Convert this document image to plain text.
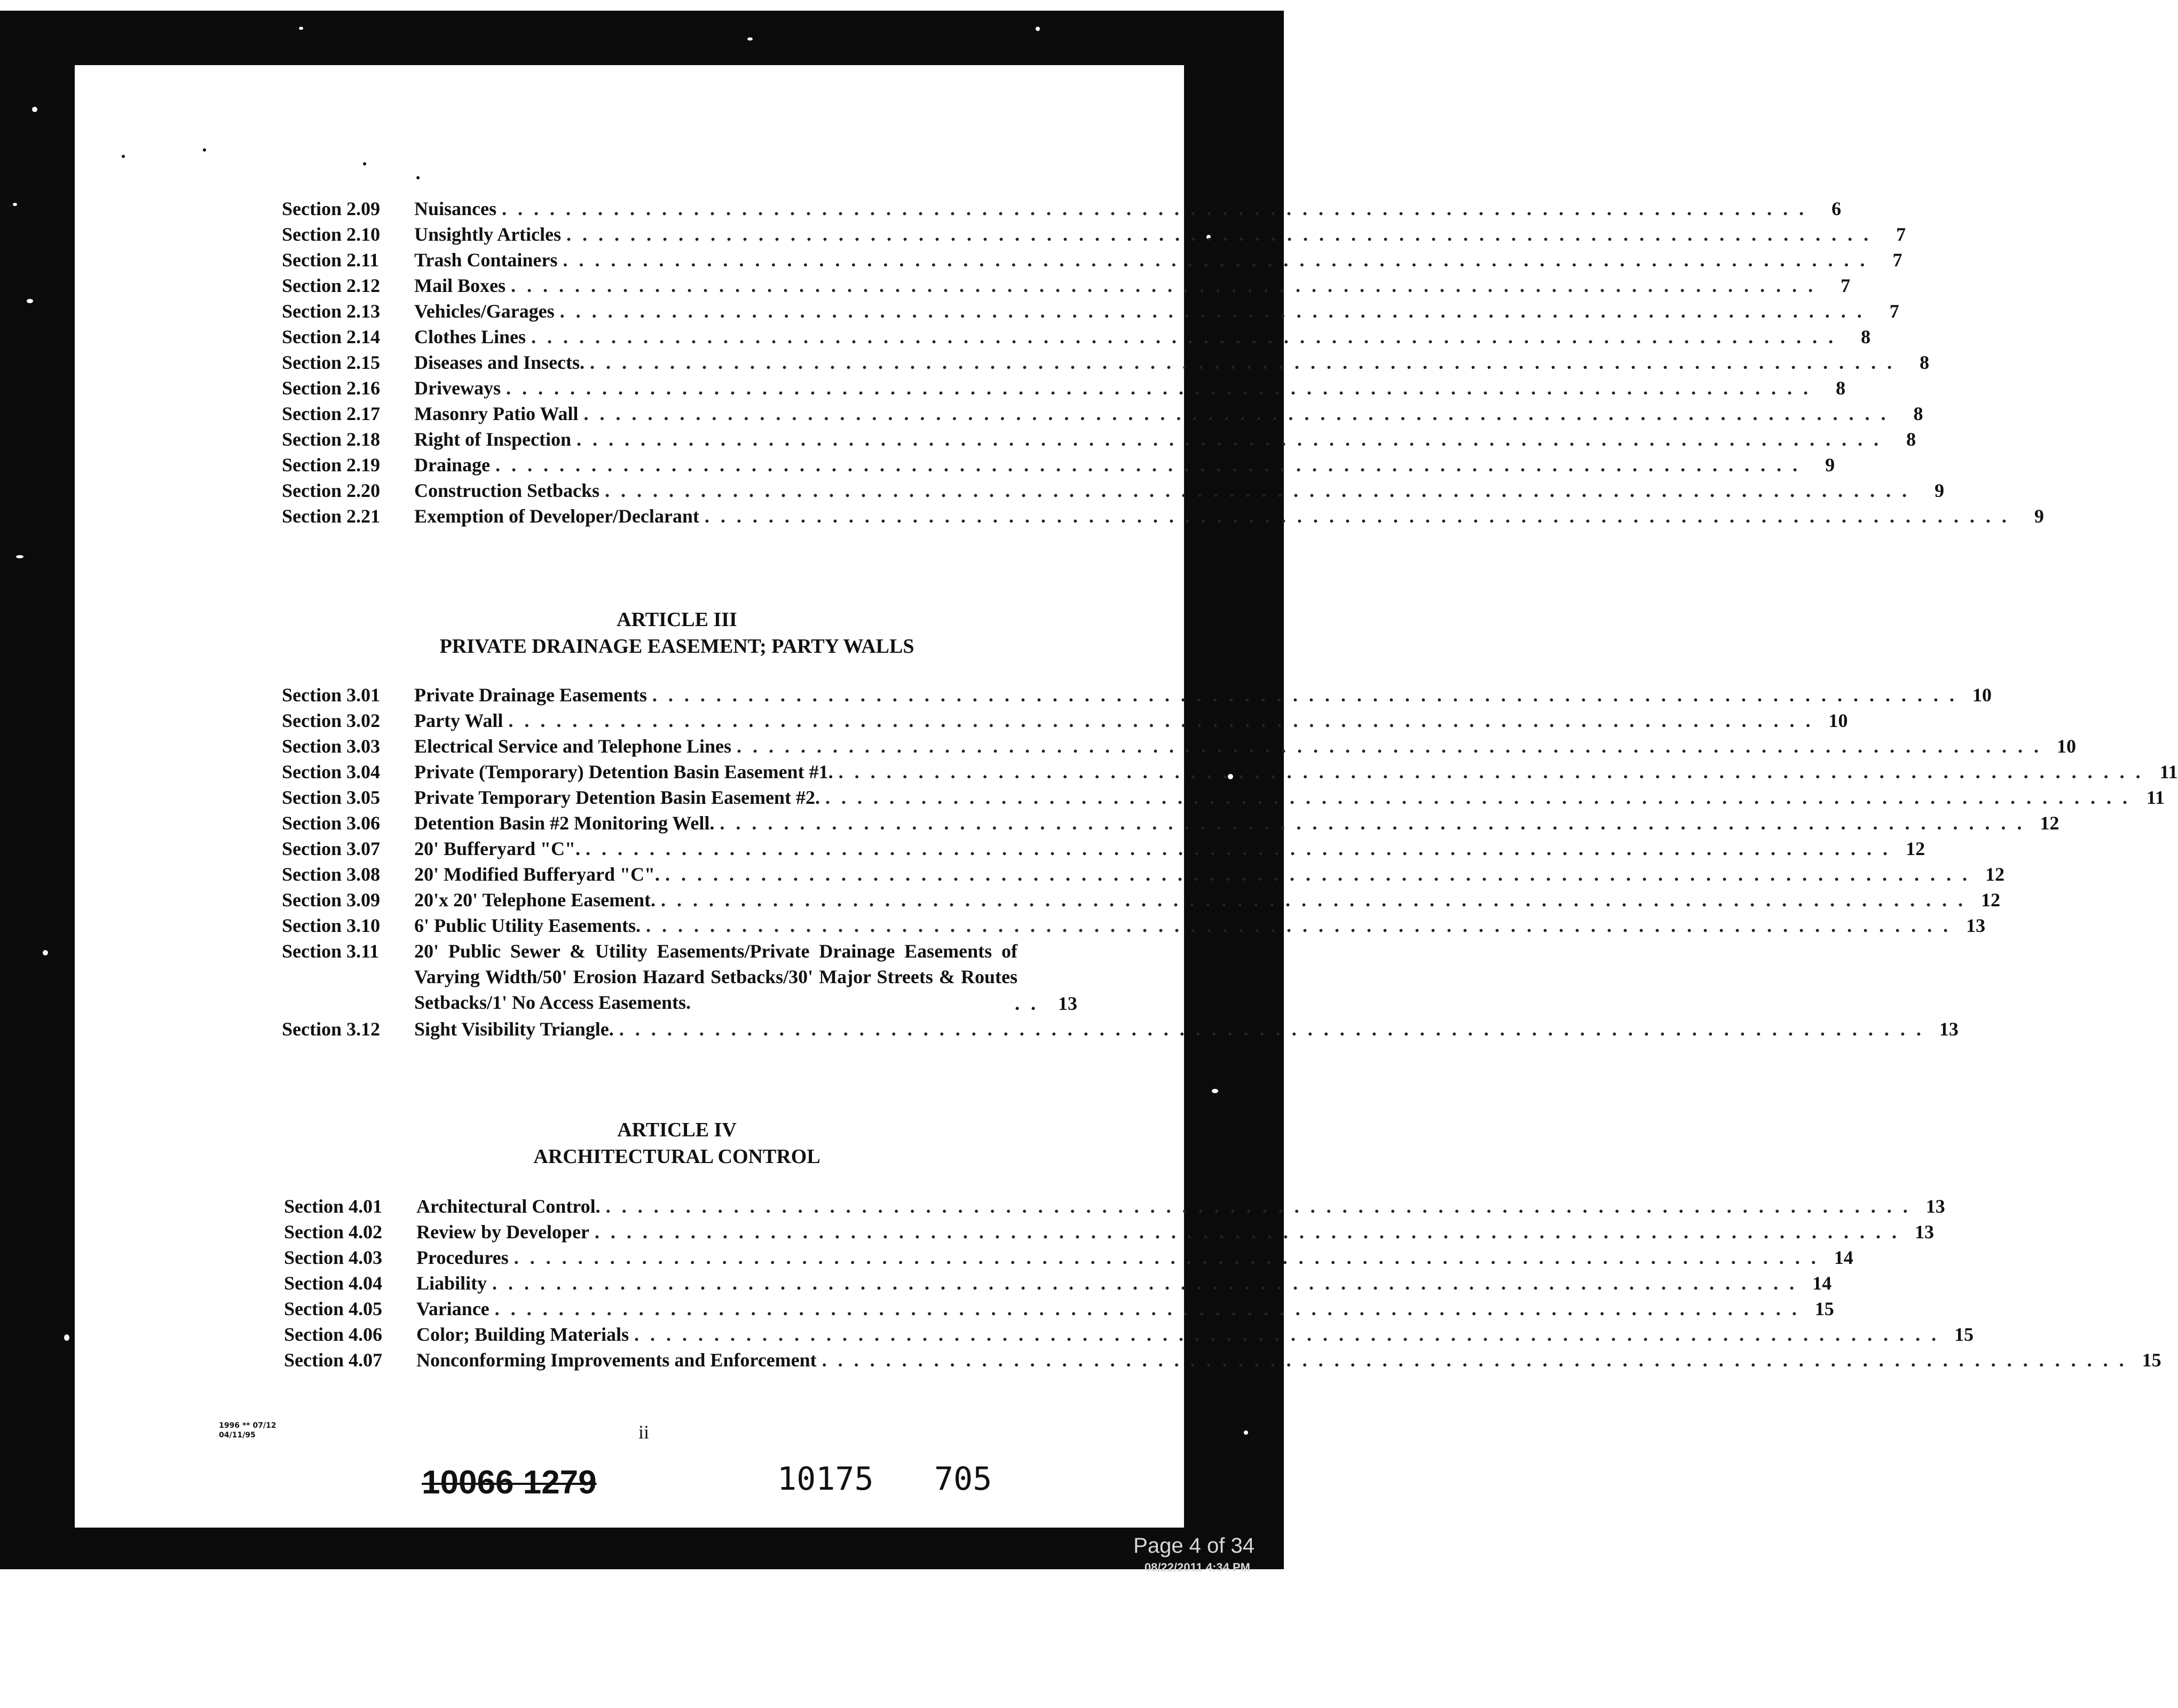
Section 2.09	Nuisances . . . . . . . . . . . . . . . . . . . . . . . . . . . . . . . . . . . . . . . . . . . . . . . . . . . . . . . . . . . . . . . . . . . . . . . . . . . . . . . . . .	6
Section 2.10	Unsightly Articles . . . . . . . . . . . . . . . . . . . . . . . . . . . . . . . . . . . . . . . . . . . . . . . . . . . . . . . . . . . . . . . . . . . . . . . . . . . . . . . . . .	7
Section 2.11	Trash Containers . . . . . . . . . . . . . . . . . . . . . . . . . . . . . . . . . . . . . . . . . . . . . . . . . . . . . . . . . . . . . . . . . . . . . . . . . . . . . . . . . .	7
Section 2.12	Mail Boxes . . . . . . . . . . . . . . . . . . . . . . . . . . . . . . . . . . . . . . . . . . . . . . . . . . . . . . . . . . . . . . . . . . . . . . . . . . . . . . . . . .	7
Section 2.13	Vehicles/Garages . . . . . . . . . . . . . . . . . . . . . . . . . . . . . . . . . . . . . . . . . . . . . . . . . . . . . . . . . . . . . . . . . . . . . . . . . . . . . . . . . .	7
Section 2.14	Clothes Lines . . . . . . . . . . . . . . . . . . . . . . . . . . . . . . . . . . . . . . . . . . . . . . . . . . . . . . . . . . . . . . . . . . . . . . . . . . . . . . . . . .	8
Section 2.15	Diseases and Insects. . . . . . . . . . . . . . . . . . . . . . . . . . . . . . . . . . . . . . . . . . . . . . . . . . . . . . . . . . . . . . . . . . . . . . . . . . . . . . . . . . .	8
Section 2.16	Driveways . . . . . . . . . . . . . . . . . . . . . . . . . . . . . . . . . . . . . . . . . . . . . . . . . . . . . . . . . . . . . . . . . . . . . . . . . . . . . . . . . .	8
Section 2.17	Masonry Patio Wall . . . . . . . . . . . . . . . . . . . . . . . . . . . . . . . . . . . . . . . . . . . . . . . . . . . . . . . . . . . . . . . . . . . . . . . . . . . . . . . . . .	8
Section 2.18	Right of Inspection . . . . . . . . . . . . . . . . . . . . . . . . . . . . . . . . . . . . . . . . . . . . . . . . . . . . . . . . . . . . . . . . . . . . . . . . . . . . . . . . . .	8
Section 2.19	Drainage . . . . . . . . . . . . . . . . . . . . . . . . . . . . . . . . . . . . . . . . . . . . . . . . . . . . . . . . . . . . . . . . . . . . . . . . . . . . . . . . . .	9
Section 2.20	Construction Setbacks . . . . . . . . . . . . . . . . . . . . . . . . . . . . . . . . . . . . . . . . . . . . . . . . . . . . . . . . . . . . . . . . . . . . . . . . . . . . . . . . . .	9
Section 2.21	Exemption of Developer/Declarant . . . . . . . . . . . . . . . . . . . . . . . . . . . . . . . . . . . . . . . . . . . . . . . . . . . . . . . . . . . . . . . . . . . . . . . . . . . . . . . . . .	9
ARTICLE III
PRIVATE DRAINAGE EASEMENT; PARTY WALLS
Section 3.01	Private Drainage Easements . . . . . . . . . . . . . . . . . . . . . . . . . . . . . . . . . . . . . . . . . . . . . . . . . . . . . . . . . . . . . . . . . . . . . . . . . . . . . . . . . . 10
Section 3.02	Party Wall . . . . . . . . . . . . . . . . . . . . . . . . . . . . . . . . . . . . . . . . . . . . . . . . . . . . . . . . . . . . . . . . . . . . . . . . . . . . . . . . . . 10
Section 3.03	Electrical Service and Telephone Lines . . . . . . . . . . . . . . . . . . . . . . . . . . . . . . . . . . . . . . . . . . . . . . . . . . . . . . . . . . . . . . . . . . . . . . . . . . . . . . . . . . 10
Section 3.04	Private (Temporary) Detention Basin Easement #1. . . . . . . . . . . . . . . . . . . . . . . . . . . . . . . . . . . . . . . . . . . . . . . . . . . . . . . . . . . . . . . . . . . . . . . . . . . . . . . . . . . 11
Section 3.05	Private Temporary Detention Basin Easement #2. . . . . . . . . . . . . . . . . . . . . . . . . . . . . . . . . . . . . . . . . . . . . . . . . . . . . . . . . . . . . . . . . . . . . . . . . . . . . . . . . . . 11
Section 3.06	Detention Basin #2 Monitoring Well. . . . . . . . . . . . . . . . . . . . . . . . . . . . . . . . . . . . . . . . . . . . . . . . . . . . . . . . . . . . . . . . . . . . . . . . . . . . . . . . . . . 12
Section 3.07	20' Bufferyard "C". . . . . . . . . . . . . . . . . . . . . . . . . . . . . . . . . . . . . . . . . . . . . . . . . . . . . . . . . . . . . . . . . . . . . . . . . . . . . . . . . . . 12
Section 3.08	20' Modified Bufferyard "C". . . . . . . . . . . . . . . . . . . . . . . . . . . . . . . . . . . . . . . . . . . . . . . . . . . . . . . . . . . . . . . . . . . . . . . . . . . . . . . . . . . 12
Section 3.09	20'x 20' Telephone Easement. . . . . . . . . . . . . . . . . . . . . . . . . . . . . . . . . . . . . . . . . . . . . . . . . . . . . . . . . . . . . . . . . . . . . . . . . . . . . . . . . . . 12
Section 3.10	6' Public Utility Easements. . . . . . . . . . . . . . . . . . . . . . . . . . . . . . . . . . . . . . . . . . . . . . . . . . . . . . . . . . . . . . . . . . . . . . . . . . . . . . . . . . . 13
Section 3.11	20' Public Sewer & Utility Easements/Private Drainage Easements of Varying Width/50' Erosion Hazard Setbacks/30' Major Streets & Routes Setbacks/1' No Access Easements.	. .	13
Section 3.12	Sight Visibility Triangle. . . . . . . . . . . . . . . . . . . . . . . . . . . . . . . . . . . . . . . . . . . . . . . . . . . . . . . . . . . . . . . . . . . . . . . . . . . . . . . . . . . 13
ARTICLE IV
ARCHITECTURAL CONTROL
Section 4.01	Architectural Control. . . . . . . . . . . . . . . . . . . . . . . . . . . . . . . . . . . . . . . . . . . . . . . . . . . . . . . . . . . . . . . . . . . . . . . . . . . . . . . . . . . 13
Section 4.02	Review by Developer . . . . . . . . . . . . . . . . . . . . . . . . . . . . . . . . . . . . . . . . . . . . . . . . . . . . . . . . . . . . . . . . . . . . . . . . . . . . . . . . . . 13
Section 4.03	Procedures . . . . . . . . . . . . . . . . . . . . . . . . . . . . . . . . . . . . . . . . . . . . . . . . . . . . . . . . . . . . . . . . . . . . . . . . . . . . . . . . . . 14
Section 4.04	Liability . . . . . . . . . . . . . . . . . . . . . . . . . . . . . . . . . . . . . . . . . . . . . . . . . . . . . . . . . . . . . . . . . . . . . . . . . . . . . . . . . . 14
Section 4.05	Variance . . . . . . . . . . . . . . . . . . . . . . . . . . . . . . . . . . . . . . . . . . . . . . . . . . . . . . . . . . . . . . . . . . . . . . . . . . . . . . . . . . 15
Section 4.06	Color; Building Materials . . . . . . . . . . . . . . . . . . . . . . . . . . . . . . . . . . . . . . . . . . . . . . . . . . . . . . . . . . . . . . . . . . . . . . . . . . . . . . . . . . 15
Section 4.07	Nonconforming Improvements and Enforcement . . . . . . . . . . . . . . . . . . . . . . . . . . . . . . . . . . . . . . . . . . . . . . . . . . . . . . . . . . . . . . . . . . . . . . . . . . . . . . . . . . 15
1996 ** 07/12
04/11/95	ii
10066 1279	10175 705
Page 4 of 34
08/22/2011 4:34 PM
